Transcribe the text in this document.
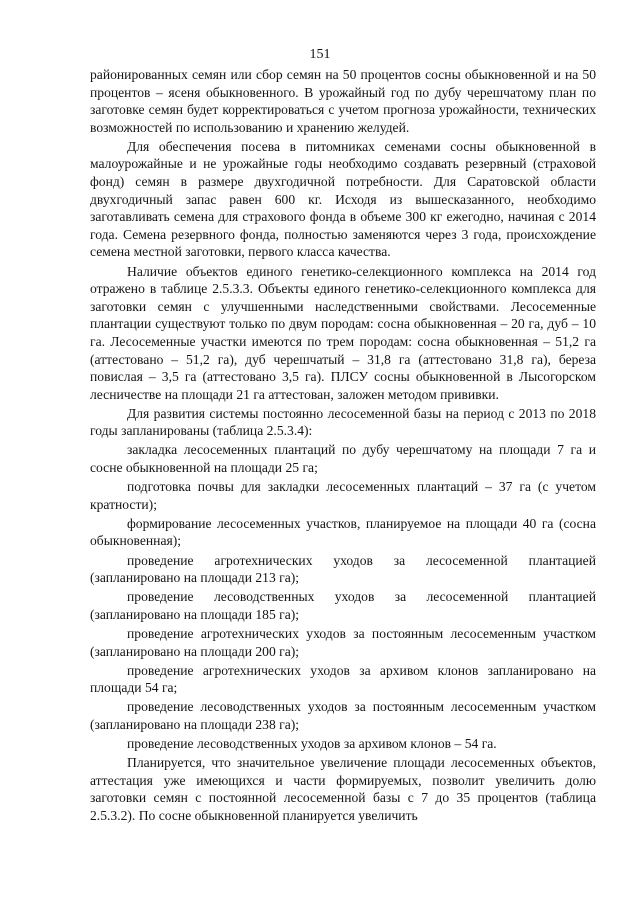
151

районированных семян или сбор семян на 50 процентов сосны обыкновенной и на 50 процентов – ясеня обыкновенного. В урожайный год по дубу черешчатому план по заготовке семян будет корректироваться с учетом прогноза урожайности, технических возможностей по использованию и хранению желудей.

Для обеспечения посева в питомниках семенами сосны обыкновенной в малоурожайные и не урожайные годы необходимо создавать резервный (страховой фонд) семян в размере двухгодичной потребности. Для Саратовской области двухгодичный запас равен 600 кг. Исходя из вышесказанного, необходимо заготавливать семена для страхового фонда в объеме 300 кг ежегодно, начиная с 2014 года. Семена резервного фонда, полностью заменяются через 3 года, происхождение семена местной заготовки, первого класса качества.

Наличие объектов единого генетико-селекционного комплекса на 2014 год отражено в таблице 2.5.3.3. Объекты единого генетико-селекционного комплекса для заготовки семян с улучшенными наследственными свойствами. Лесосеменные плантации существуют только по двум породам: сосна обыкновенная – 20 га, дуб – 10 га. Лесосеменные участки имеются по трем породам: сосна обыкновенная – 51,2 га (аттестовано – 51,2 га), дуб черешчатый – 31,8 га (аттестовано 31,8 га), береза повислая – 3,5 га (аттестовано 3,5 га). ПЛСУ сосны обыкновенной в Лысогорском лесничестве на площади 21 га аттестован, заложен методом прививки.

Для развития системы постоянно лесосеменной базы на период с 2013 по 2018 годы запланированы (таблица 2.5.3.4):

закладка лесосеменных плантаций по дубу черешчатому на площади 7 га и сосне обыкновенной на площади 25 га;

подготовка почвы для закладки лесосеменных плантаций – 37 га (с учетом кратности);

формирование лесосеменных участков, планируемое на площади 40 га (сосна обыкновенная);

проведение агротехнических уходов за лесосеменной плантацией (запланировано на площади 213 га);

проведение лесоводственных уходов за лесосеменной плантацией (запланировано на площади 185 га);

проведение агротехнических уходов за постоянным лесосеменным участком (запланировано на площади 200 га);

проведение агротехнических уходов за архивом клонов запланировано на площади 54 га;

проведение лесоводственных уходов за постоянным лесосеменным участком (запланировано на площади 238 га);

проведение лесоводственных уходов за архивом клонов – 54 га.

Планируется, что значительное увеличение площади лесосеменных объектов, аттестация уже имеющихся и части формируемых, позволит увеличить долю заготовки семян с постоянной лесосеменной базы с 7 до 35 процентов (таблица 2.5.3.2). По сосне обыкновенной планируется увеличить
